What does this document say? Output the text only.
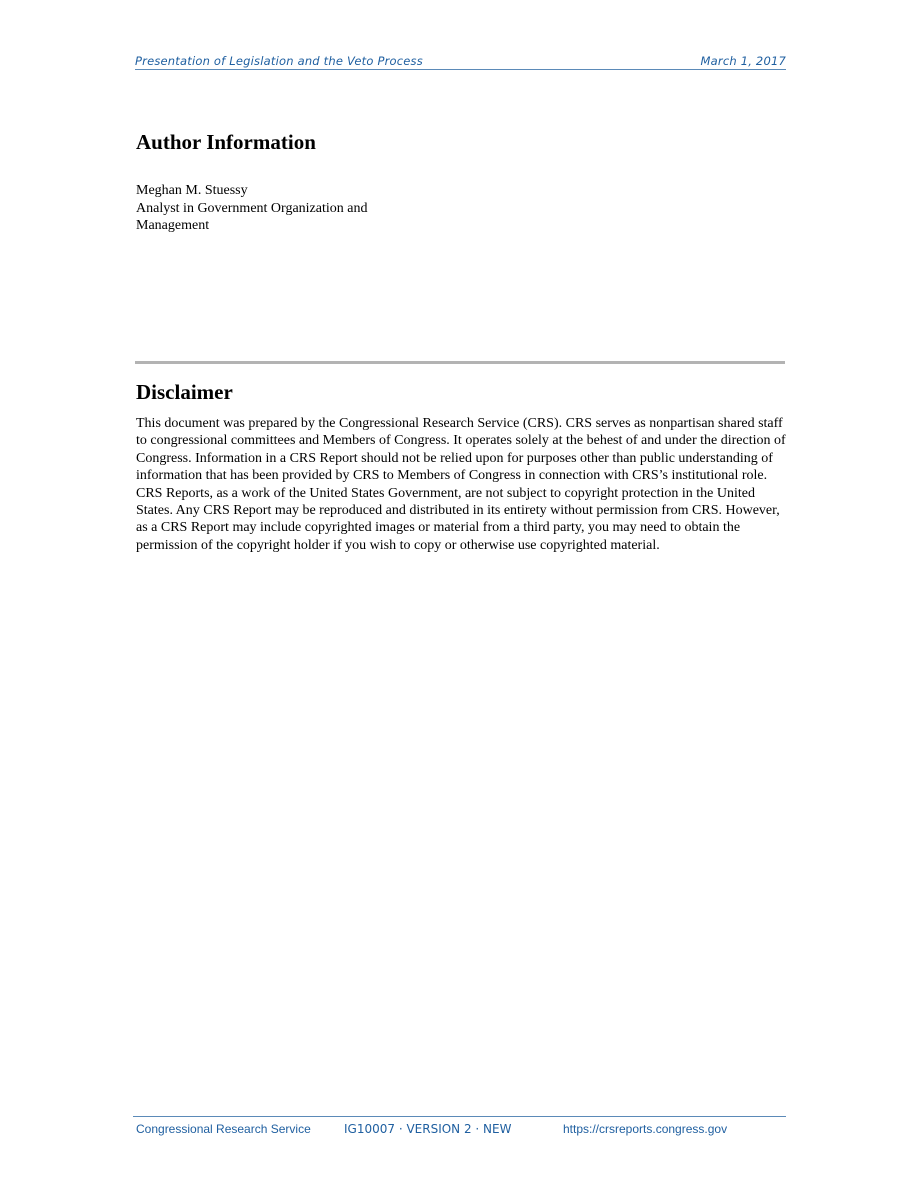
Presentation of Legislation and the Veto Process	March 1, 2017
Author Information
Meghan M. Stuessy
Analyst in Government Organization and
Management
Disclaimer

This document was prepared by the Congressional Research Service (CRS). CRS serves as nonpartisan shared staff to congressional committees and Members of Congress. It operates solely at the behest of and under the direction of Congress. Information in a CRS Report should not be relied upon for purposes other than public understanding of information that has been provided by CRS to Members of Congress in connection with CRS’s institutional role. CRS Reports, as a work of the United States Government, are not subject to copyright protection in the United States. Any CRS Report may be reproduced and distributed in its entirety without permission from CRS. However, as a CRS Report may include copyrighted images or material from a third party, you may need to obtain the permission of the copyright holder if you wish to copy or otherwise use copyrighted material.

Congressional Research Service	IG10007 · VERSION 2 · NEW	https://crsreports.congress.gov
